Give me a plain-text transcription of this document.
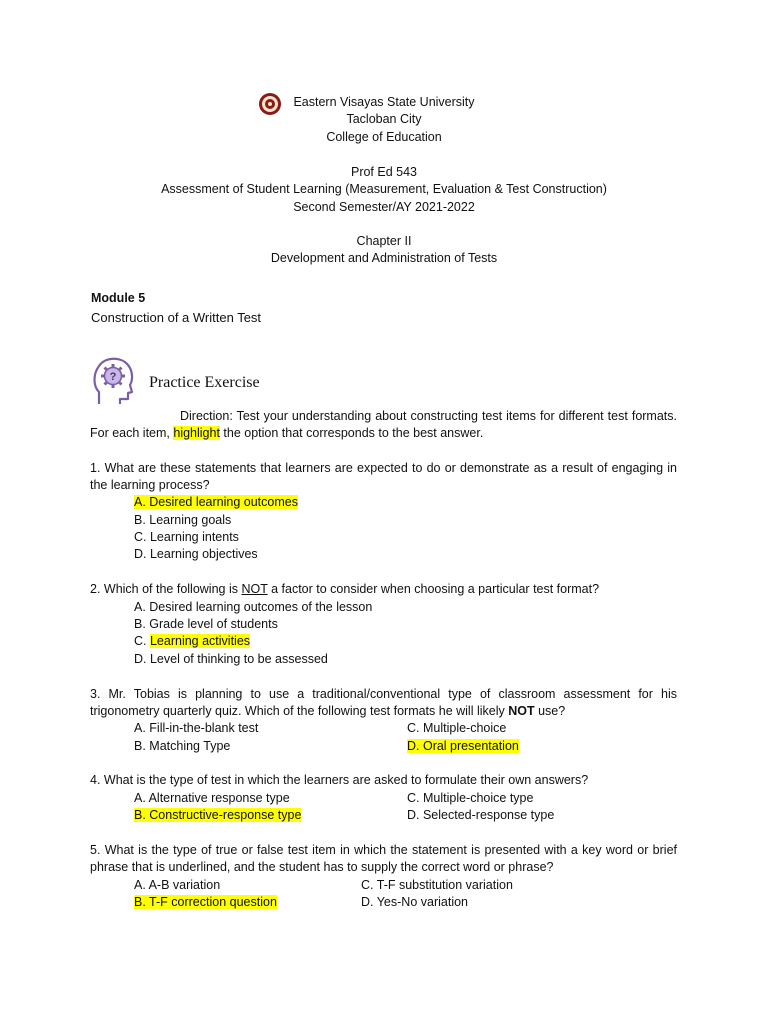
Eastern Visayas State University
Tacloban City
College of Education
Prof Ed 543
Assessment of Student Learning (Measurement, Evaluation & Test Construction)
Second Semester/AY 2021-2022
Chapter II
Development and Administration of Tests
Module 5
Construction of a Written Test
? Practice Exercise
Direction: Test your understanding about constructing test items for different test formats. For each item, highlight the option that corresponds to the best answer.
1. What are these statements that learners are expected to do or demonstrate as a result of engaging in the learning process?
A. Desired learning outcomes
B. Learning goals
C. Learning intents
D. Learning objectives
2. Which of the following is NOT a factor to consider when choosing a particular test format?
A. Desired learning outcomes of the lesson
B. Grade level of students
C. Learning activities
D. Level of thinking to be assessed
3. Mr. Tobias is planning to use a traditional/conventional type of classroom assessment for his trigonometry quarterly quiz. Which of the following test formats he will likely NOT use?
A. Fill-in-the-blank test
B. Matching Type
C. Multiple-choice
D. Oral presentation
4. What is the type of test in which the learners are asked to formulate their own answers?
A. Alternative response type
B. Constructive-response type
C. Multiple-choice type
D. Selected-response type
5. What is the type of true or false test item in which the statement is presented with a key word or brief phrase that is underlined, and the student has to supply the correct word or phrase?
A. A-B variation
B. T-F correction question
C. T-F substitution variation
D. Yes-No variation
